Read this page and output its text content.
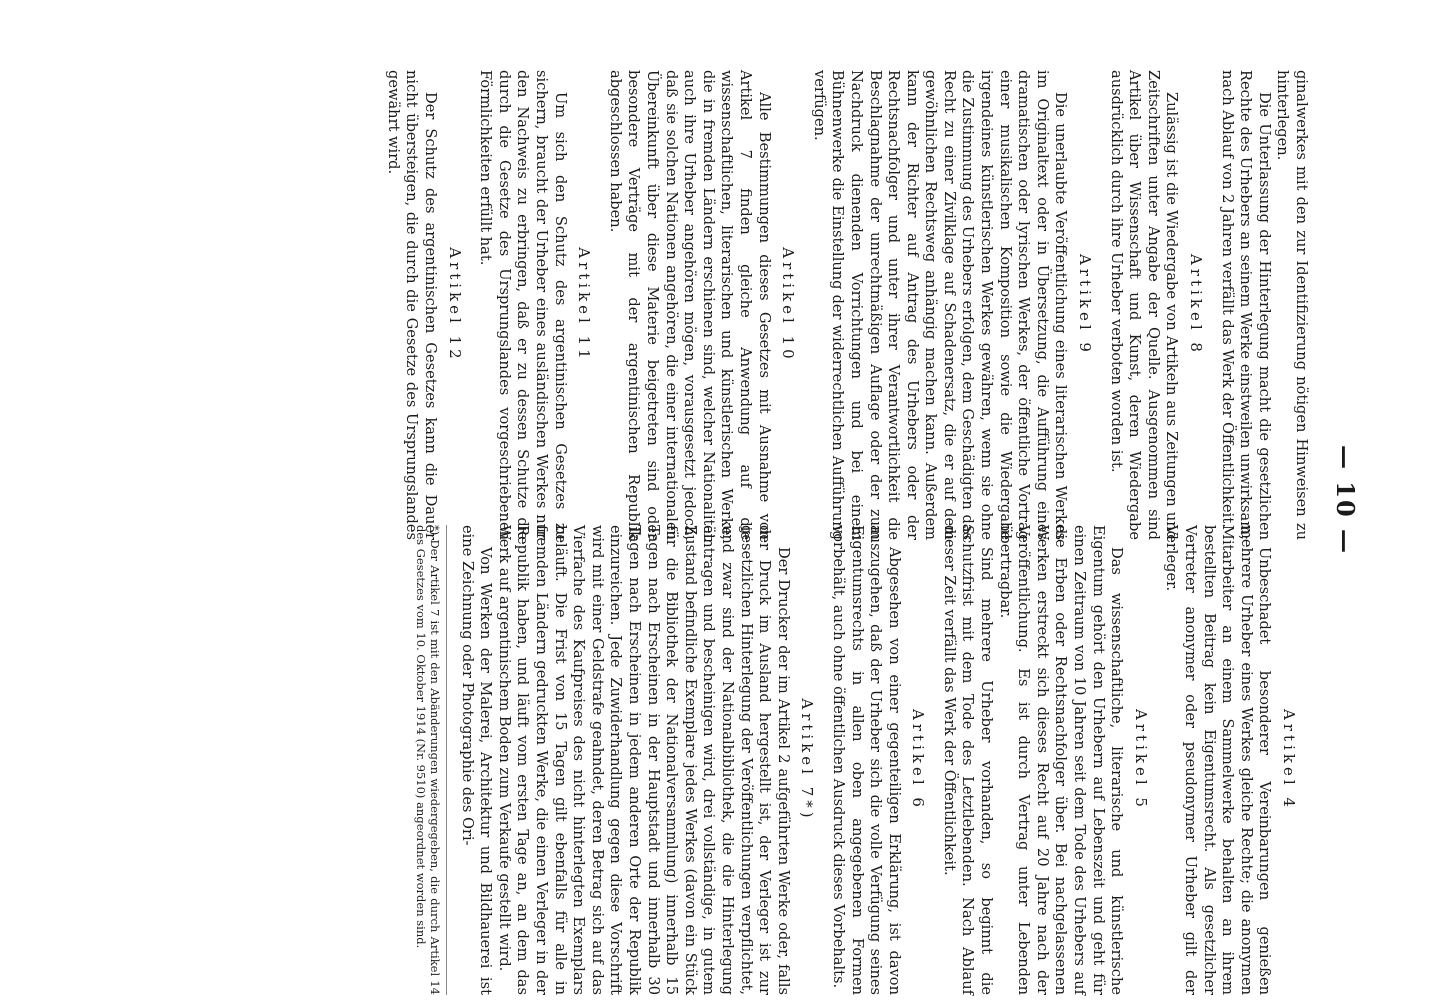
— 10 —

ginalwerkes mit den zur Identifizierung nötigen Hinweisen zu hinterlegen.

Die Unterlassung der Hinterlegung macht die gesetzlichen Rechte des Urhebers an seinem Werke einstweilen unwirksam; nach Ablauf von 2 Jahren verfällt das Werk der Öffentlichkeit.

Artikel 8

Zulässig ist die Wiedergabe von Artikeln aus Zeitungen und Zeitschriften unter Angabe der Quelle. Ausgenommen sind Artikel über Wissenschaft und Kunst, deren Wiedergabe ausdrücklich durch ihre Urheber verboten worden ist.

Artikel 9

Die unerlaubte Veröffentlichung eines literarischen Werkes im Originaltext oder in Übersetzung, die Aufführung eines dramatischen oder lyrischen Werkes, der öffentliche Vortrag einer musikalischen Komposition sowie die Wiedergabe irgendeines künstlerischen Werkes gewähren, wenn sie ohne die Zustimmung des Urhebers erfolgen, dem Geschädigten das Recht zu einer Zivilklage auf Schadenersatz, die er auf dem gewöhnlichen Rechtsweg anhängig machen kann. Außerdem kann der Richter auf Antrag des Urhebers oder der Rechtsnachfolger und unter ihrer Verantwortlichkeit die Beschlagnahme der unrechtmäßigen Auflage oder der zum Nachdruck dienenden Vorrichtungen und bei einem Bühnenwerke die Einstellung der widerrechtlichen Aufführung verfügen.

Artikel 10

Alle Bestimmungen dieses Gesetzes mit Ausnahme von Artikel 7 finden gleiche Anwendung auf die wissenschaftlichen, literarischen und künstlerischen Werke, die in fremden Ländern erschienen sind, welcher Nationalität auch ihre Urheber angehören mögen, vorausgesetzt jedoch, daß sie solchen Nationen angehören, die einer internationalen Übereinkunft über diese Materie beigetreten sind oder besondere Verträge mit der argentinischen Republik abgeschlossen haben.

Artikel 11

Um sich den Schutz des argentinischen Gesetzes zu sichern, braucht der Urheber eines ausländischen Werkes nur den Nachweis zu erbringen, daß er zu dessen Schutze die durch die Gesetze des Ursprungslandes vorgeschriebenen Förmlichkeiten erfüllt hat.

Artikel 12

Der Schutz des argentinischen Gesetzes kann die Dauer nicht übersteigen, die durch die Gesetze des Ursprungslandes gewährt wird.

Artikel 4

Unbeschadet besonderer Vereinbarungen genießen mehrere Urheber eines Werkes gleiche Rechte; die anonymen Mitarbeiter an einem Sammelwerke behalten an ihrem bestellten Beitrag kein Eigentumsrecht. Als gesetzlicher Vertreter anonymer oder pseudonymer Urheber gilt der Verleger.

Artikel 5

Das wissenschaftliche, literarische und künstlerische Eigentum gehört den Urhebern auf Lebenszeit und geht für einen Zeitraum von 10 Jahren seit dem Tode des Urhebers auf die Erben oder Rechtsnachfolger über. Bei nachgelassenen Werken erstreckt sich dieses Recht auf 20 Jahre nach der Veröffentlichung. Es ist durch Vertrag unter Lebenden übertragbar.

Sind mehrere Urheber vorhanden, so beginnt die Schutzfrist mit dem Tode des Letztlebenden. Nach Ablauf dieser Zeit verfällt das Werk der Öffentlichkeit.

Artikel 6

Abgesehen von einer gegenteiligen Erklärung, ist davon auszugehen, daß der Urheber sich die volle Verfügung seines Eigentumsrechts in allen oben angegebenen Formen vorbehält, auch ohne öffentlichen Ausdruck dieses Vorbehalts.

Artikel 7*)

Der Drucker der im Artikel 2 aufgeführten Werke oder, falls der Druck im Ausland hergestellt ist, der Verleger ist zur gesetzlichen Hinterlegung der Veröffentlichungen verpflichtet, und zwar sind der Nationalbibliothek, die die Hinterlegung eintragen und bescheinigen wird, drei vollständige, in gutem Zustand befindliche Exemplare jedes Werkes (davon ein Stück für die Bibliothek der Nationalversammlung) innerhalb 15 Tagen nach Erscheinen in der Hauptstadt und innerhalb 30 Tagen nach Erscheinen in jedem anderen Orte der Republik einzureichen. Jede Zuwiderhandlung gegen diese Vorschrift wird mit einer Geldstrafe geahndet, deren Betrag sich auf das Vierfache des Kaufpreises des nicht hinterlegten Exemplars beläuft. Die Frist von 15 Tagen gilt ebenfalls für alle in fremden Ländern gedruckten Werke, die einen Verleger in der Republik haben, und läuft vom ersten Tage an, an dem das Werk auf argentinischem Boden zum Verkaufe gestellt wird.

Von Werken der Malerei, Architektur und Bildhauerei ist eine Zeichnung oder Photographie des Ori-

*) Der Artikel 7 ist mit den Abänderungen wiedergegeben, die durch Artikel 14 des Gesetzes vom 10. Oktober 1914 (Nr. 9510) angeordnet worden sind.
